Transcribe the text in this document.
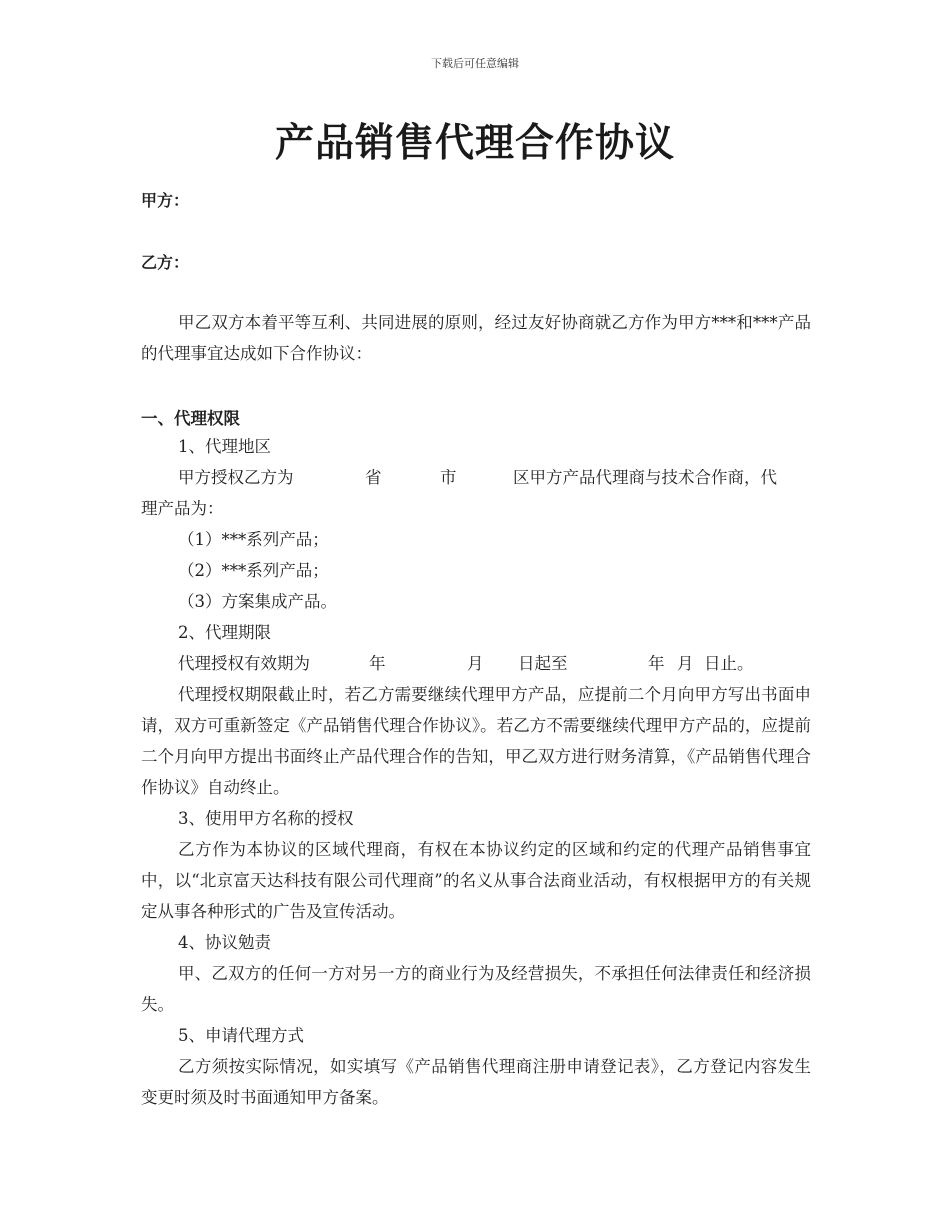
下载后可任意编辑
产品销售代理合作协议
甲方：
乙方：
甲乙双方本着平等互利、共同进展的原则，经过友好协商就乙方作为甲方***和***产品的代理事宜达成如下合作协议：
一、代理权限
1、代理地区
甲方授权乙方为	省	市	区甲方产品代理商与技术合作商，代
理产品为：
（1）***系列产品；
（2）***系列产品；
（3）方案集成产品。
2、代理期限
代理授权有效期为	年	月 日起至	年 月 日止。
代理授权期限截止时，若乙方需要继续代理甲方产品，应提前二个月向甲方写出书面申请，双方可重新签定《产品销售代理合作协议》。若乙方不需要继续代理甲方产品的，应提前二个月向甲方提出书面终止产品代理合作的告知，甲乙双方进行财务清算，《产品销售代理合作协议》自动终止。
3、使用甲方名称的授权
乙方作为本协议的区域代理商，有权在本协议约定的区域和约定的代理产品销售事宜中，以“北京富天达科技有限公司代理商”的名义从事合法商业活动，有权根据甲方的有关规定从事各种形式的广告及宣传活动。
4、协议勉责
甲、乙双方的任何一方对另一方的商业行为及经营损失，不承担任何法律责任和经济损失。
5、申请代理方式
乙方须按实际情况，如实填写《产品销售代理商注册申请登记表》，乙方登记内容发生变更时须及时书面通知甲方备案。
